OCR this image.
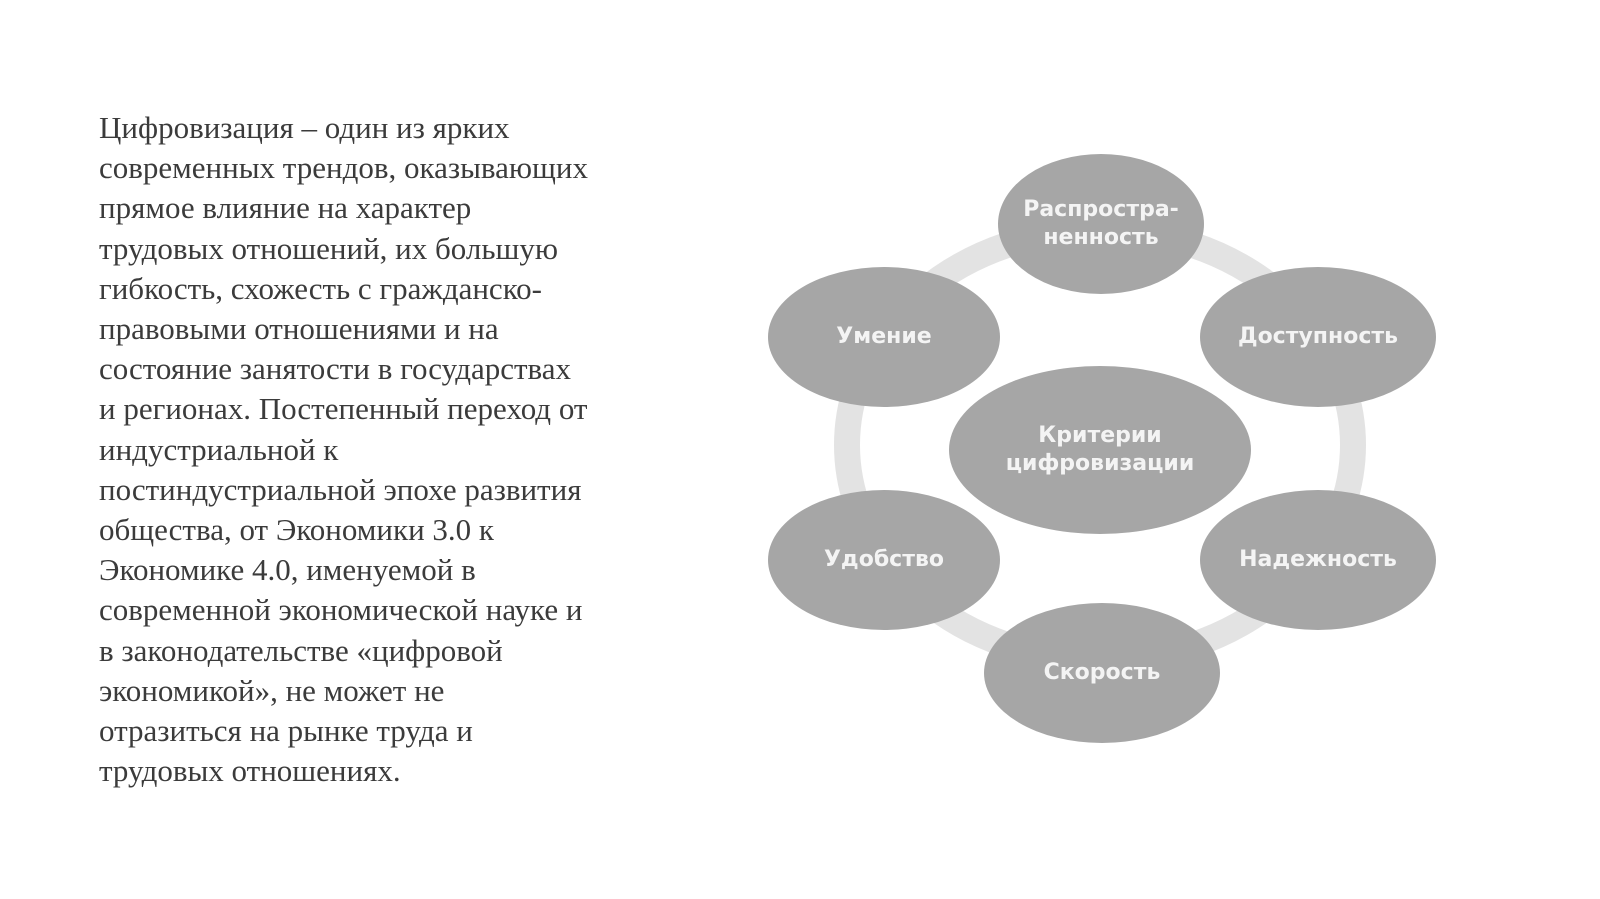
Цифровизация – один из ярких
современных трендов, оказывающих
прямое влияние на характер
трудовых отношений, их большую
гибкость, схожесть с гражданско-
правовыми отношениями и на
состояние занятости в государствах
и регионах. Постепенный переход от
индустриальной к
постиндустриальной эпохе развития
общества, от Экономики 3.0 к
Экономике 4.0, именуемой в
современной экономической науке и
в законодательстве «цифровой
экономикой», не может не
отразиться на рынке труда и
трудовых отношениях.

Распростра-
ненность
Доступность
Умение
Критерии
цифровизации
Надежность
Удобство
Скорость
